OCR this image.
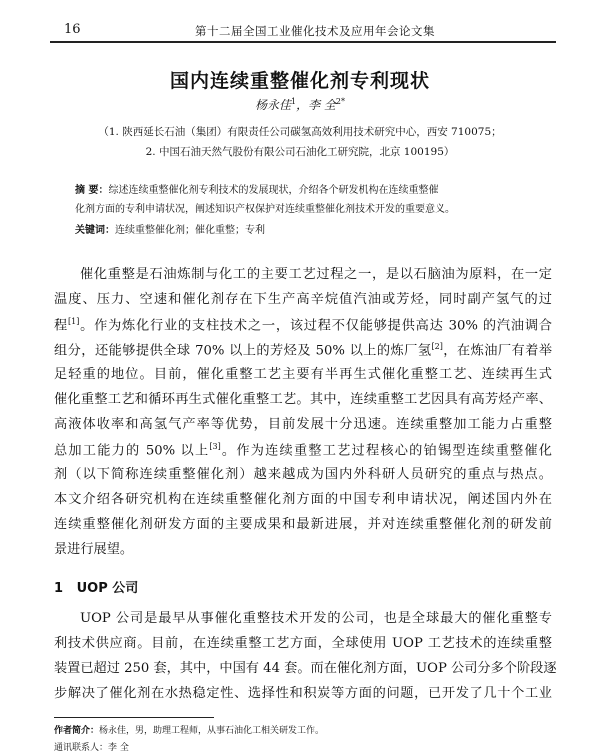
16	第十二届全国工业催化技术及应用年会论文集
国内连续重整催化剂专利现状
杨永佳$^1$，李 全$^{2*}$
（1. 陕西延长石油（集团）有限责任公司碳氢高效利用技术研究中心，西安 710075；
2. 中国石油天然气股份有限公司石油化工研究院，北京 100195）
摘 要：综述连续重整催化剂专利技术的发展现状，介绍各个研发机构在连续重整催
化剂方面的专利申请状况，阐述知识产权保护对连续重整催化剂技术开发的重要意义。
关键词：连续重整催化剂；催化重整；专利
催化重整是石油炼制与化工的主要工艺过程之一，是以石脑油为原料，在一定
温度、压力、空速和催化剂存在下生产高辛烷值汽油或芳烃，同时副产氢气的过
程[1]。作为炼化行业的支柱技术之一，该过程不仅能够提供高达 30% 的汽油调合
组分，还能够提供全球 70% 以上的芳烃及 50% 以上的炼厂氢[2]，在炼油厂有着举
足轻重的地位。目前，催化重整工艺主要有半再生式催化重整工艺、连续再生式
催化重整工艺和循环再生式催化重整工艺。其中，连续重整工艺因具有高芳烃产率、
高液体收率和高氢气产率等优势，目前发展十分迅速。连续重整加工能力占重整
总加工能力的 50% 以上[3]。作为连续重整工艺过程核心的铂锡型连续重整催化
剂（以下简称连续重整催化剂）越来越成为国内外科研人员研究的重点与热点。
本文介绍各研究机构在连续重整催化剂方面的中国专利申请状况，阐述国内外在
连续重整催化剂研发方面的主要成果和最新进展，并对连续重整催化剂的研发前
景进行展望。
1 UOP 公司
UOP 公司是最早从事催化重整技术开发的公司，也是全球最大的催化重整专
利技术供应商。目前，在连续重整工艺方面，全球使用 UOP 工艺技术的连续重整
装置已超过 250 套，其中，中国有 44 套。而在催化剂方面，UOP 公司分多个阶段逐
步解决了催化剂在水热稳定性、选择性和积炭等方面的问题，已开发了几十个工业
作者简介：杨永佳，男，助理工程师，从事石油化工相关研发工作。
通讯联系人：李 全
